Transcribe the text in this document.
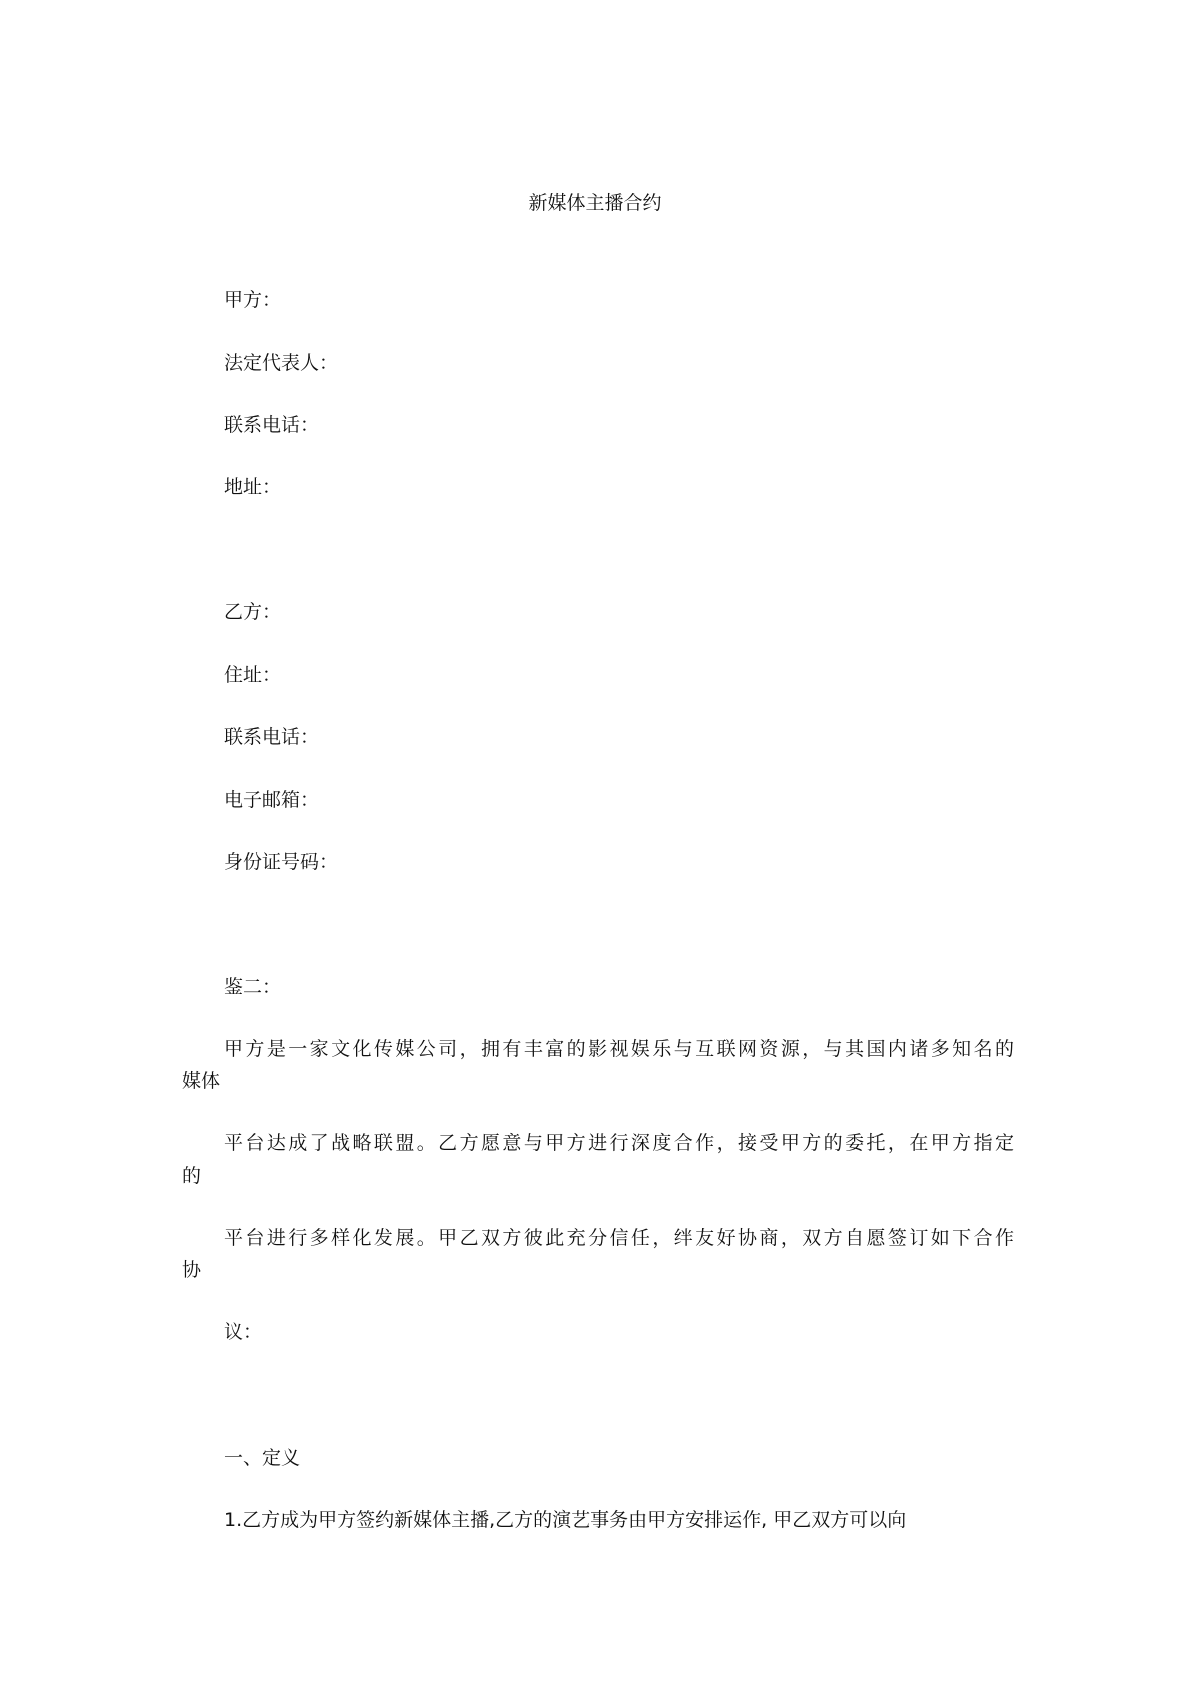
新媒体主播合约
甲方：
法定代表人：
联系电话：
地址：
乙方：
住址：
联系电话：
电子邮箱：
身份证号码：
鉴二：
甲方是一家文化传媒公司，拥有丰富的影视娱乐与互联网资源，与其国内诸多知名的
媒体
平台达成了战略联盟。乙方愿意与甲方进行深度合作，接受甲方的委托，在甲方指定
的
平台进行多样化发展。甲乙双方彼此充分信任，绊友好协商，双方自愿签订如下合作
协
议：
一、定义
1.乙方成为甲方签约新媒体主播,乙方的演艺事务由甲方安排运作, 甲乙双方可以向
